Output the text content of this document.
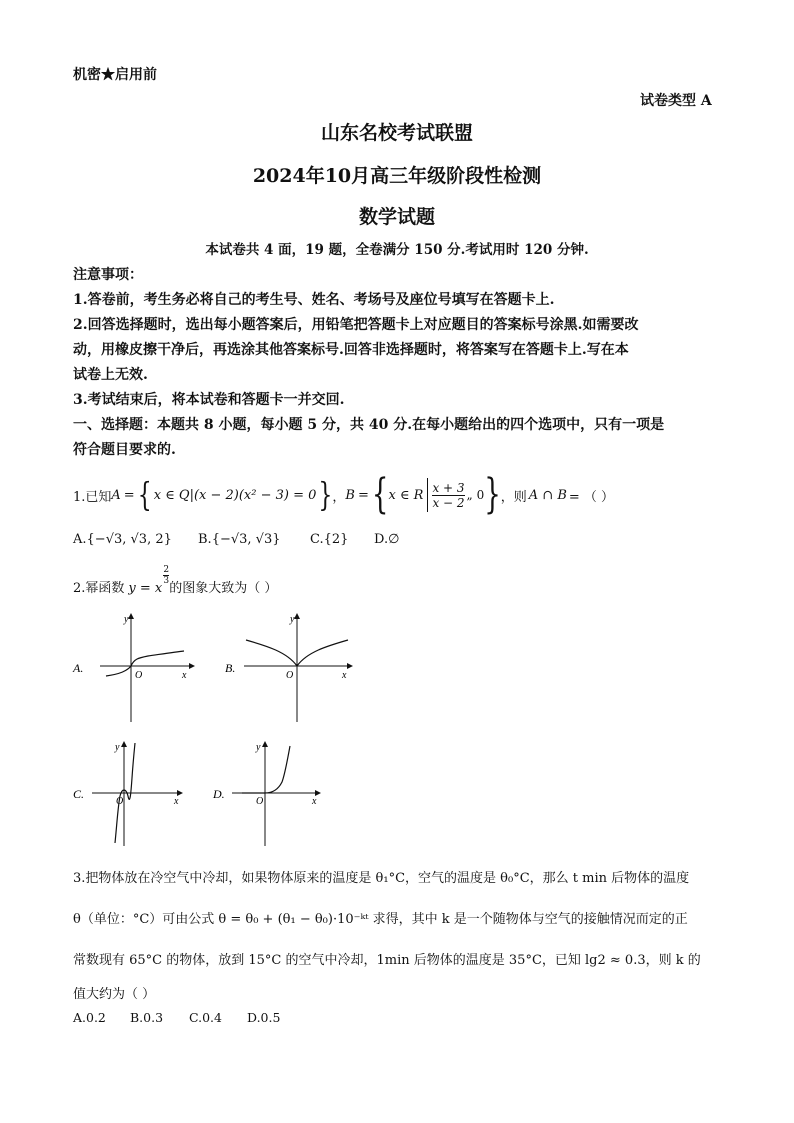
机密★启用前
试卷类型 A
山东名校考试联盟
2024年10月高三年级阶段性检测
数学试题
本试卷共 4 面，19 题，全卷满分 150 分.考试用时 120 分钟.
注意事项：
1.答卷前，考生务必将自己的考生号、姓名、考场号及座位号填写在答题卡上.
2.回答选择题时，选出每小题答案后，用铅笔把答题卡上对应题目的答案标号涂黑.如需要改
动，用橡皮擦干净后，再选涂其他答案标号.回答非选择题时，将答案写在答题卡上.写在本
试卷上无效.
3.考试结束后，将本试卷和答题卡一并交回.
一、选择题：本题共 8 小题，每小题 5 分，共 40 分.在每小题给出的四个选项中，只有一项是
符合题目要求的.
1.已知 A = { x ∈ Q|(x − 2)(x² − 3) = 0 } ， B = { x ∈ R x + 3
x − 2
„ 0 } ，则 A ∩ B = （ ）
A.{−√3, √3, 2}	B.{−√3, √3}	C.{2}	D.∅
2.幂函数 y = x
2
3 的图象大致为（ ）
A.
y
x
O
B.
y
x
O
C.
y
x
O
D.
y
x
O
3.把物体放在冷空气中冷却，如果物体原来的温度是 θ₁°C，空气的温度是 θ₀°C，那么 t min 后物体的温度
θ（单位：°C）可由公式 θ = θ₀ + (θ₁ − θ₀)·10⁻ᵏᵗ 求得，其中 k 是一个随物体与空气的接触情况而定的正
常数现有 65°C 的物体，放到 15°C 的空气中冷却，1min 后物体的温度是 35°C，已知 lg2 ≈ 0.3，则 k 的
值大约为（ ）
A.0.2	B.0.3	C.0.4	D.0.5
